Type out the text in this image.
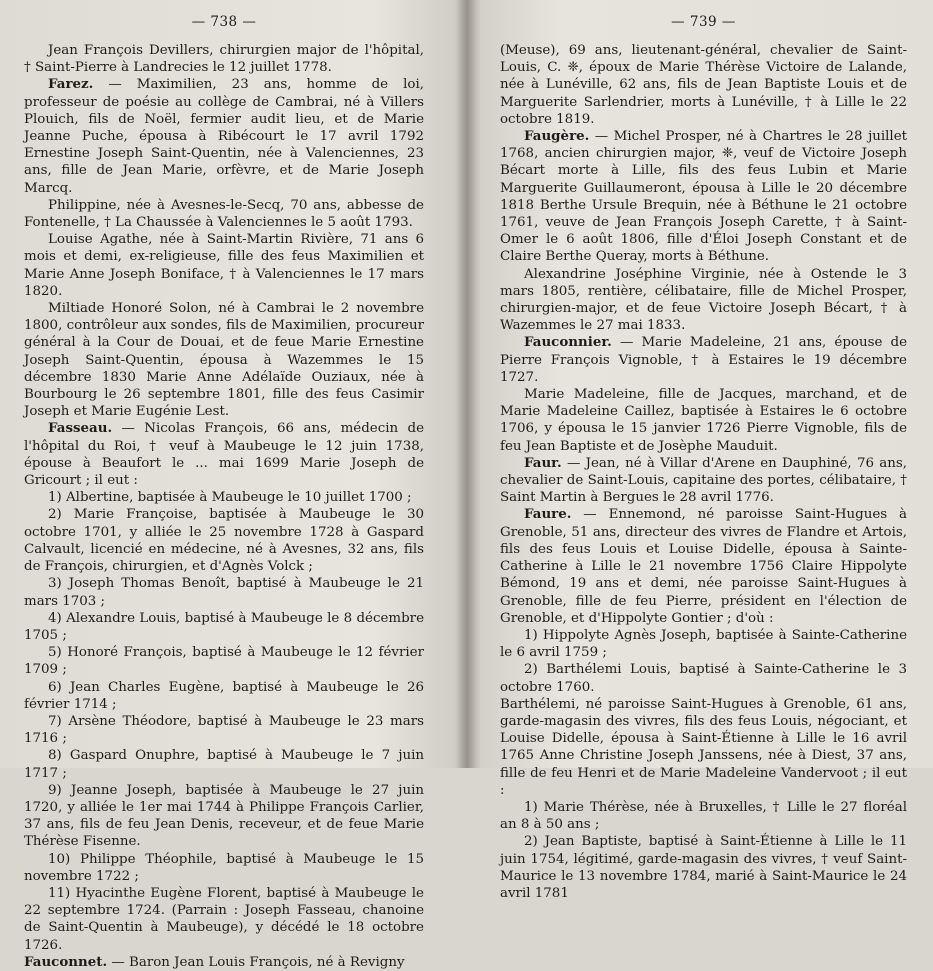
— 738 —

Jean François Devillers, chirurgien major de l'hôpital, † Saint-Pierre à Landrecies le 12 juillet 1778.

Farez. — Maximilien, 23 ans, homme de loi, professeur de poésie au collège de Cambrai, né à Villers Plouich, fils de Noël, fermier audit lieu, et de Marie Jeanne Puche, épousa à Ribécourt le 17 avril 1792 Ernestine Joseph Saint-Quentin, née à Valenciennes, 23 ans, fille de Jean Marie, orfèvre, et de Marie Joseph Marcq.

Philippine, née à Avesnes-le-Secq, 70 ans, abbesse de Fontenelle, † La Chaussée à Valenciennes le 5 août 1793.

Louise Agathe, née à Saint-Martin Rivière, 71 ans 6 mois et demi, ex-religieuse, fille des feus Maximilien et Marie Anne Joseph Boniface, † à Valenciennes le 17 mars 1820.

Miltiade Honoré Solon, né à Cambrai le 2 novembre 1800, contrôleur aux sondes, fils de Maximilien, procureur général à la Cour de Douai, et de feue Marie Ernestine Joseph Saint-Quentin, épousa à Wazemmes le 15 décembre 1830 Marie Anne Adélaïde Ouziaux, née à Bourbourg le 26 septembre 1801, fille des feus Casimir Joseph et Marie Eugénie Lest.

Fasseau. — Nicolas François, 66 ans, médecin de l'hôpital du Roi, † veuf à Maubeuge le 12 juin 1738, épouse à Beaufort le ... mai 1699 Marie Joseph de Gricourt ; il eut :

1) Albertine, baptisée à Maubeuge le 10 juillet 1700 ;

2) Marie Françoise, baptisée à Maubeuge le 30 octobre 1701, y alliée le 25 novembre 1728 à Gaspard Calvault, licencié en médecine, né à Avesnes, 32 ans, fils de François, chirurgien, et d'Agnès Volck ;

3) Joseph Thomas Benoît, baptisé à Maubeuge le 21 mars 1703 ;

4) Alexandre Louis, baptisé à Maubeuge le 8 décembre 1705 ;

5) Honoré François, baptisé à Maubeuge le 12 février 1709 ;

6) Jean Charles Eugène, baptisé à Maubeuge le 26 février 1714 ;

7) Arsène Théodore, baptisé à Maubeuge le 23 mars 1716 ;

8) Gaspard Onuphre, baptisé à Maubeuge le 7 juin 1717 ;

9) Jeanne Joseph, baptisée à Maubeuge le 27 juin 1720, y alliée le 1er mai 1744 à Philippe François Carlier, 37 ans, fils de feu Jean Denis, receveur, et de feue Marie Thérèse Fisenne.

10) Philippe Théophile, baptisé à Maubeuge le 15 novembre 1722 ;

11) Hyacinthe Eugène Florent, baptisé à Maubeuge le 22 septembre 1724. (Parrain : Joseph Fasseau, chanoine de Saint-Quentin à Maubeuge), y décédé le 18 octobre 1726.

Fauconnet. — Baron Jean Louis François, né à Revigny

— 739 —

(Meuse), 69 ans, lieutenant-général, chevalier de Saint-Louis, C. ❈, époux de Marie Thérèse Victoire de Lalande, née à Lunéville, 62 ans, fils de Jean Baptiste Louis et de Marguerite Sarlendrier, morts à Lunéville, † à Lille le 22 octobre 1819.

Faugère. — Michel Prosper, né à Chartres le 28 juillet 1768, ancien chirurgien major, ❈, veuf de Victoire Joseph Bécart morte à Lille, fils des feus Lubin et Marie Marguerite Guillaumeront, épousa à Lille le 20 décembre 1818 Berthe Ursule Brequin, née à Béthune le 21 octobre 1761, veuve de Jean François Joseph Carette, † à Saint-Omer le 6 août 1806, fille d'Éloi Joseph Constant et de Claire Berthe Queray, morts à Béthune.

Alexandrine Joséphine Virginie, née à Ostende le 3 mars 1805, rentière, célibataire, fille de Michel Prosper, chirurgien-major, et de feue Victoire Joseph Bécart, † à Wazemmes le 27 mai 1833.

Fauconnier. — Marie Madeleine, 21 ans, épouse de Pierre François Vignoble, † à Estaires le 19 décembre 1727.

Marie Madeleine, fille de Jacques, marchand, et de Marie Madeleine Caillez, baptisée à Estaires le 6 octobre 1706, y épousa le 15 janvier 1726 Pierre Vignoble, fils de feu Jean Baptiste et de Josèphe Mauduit.

Faur. — Jean, né à Villar d'Arene en Dauphiné, 76 ans, chevalier de Saint-Louis, capitaine des portes, célibataire, † Saint Martin à Bergues le 28 avril 1776.

Faure. — Ennemond, né paroisse Saint-Hugues à Grenoble, 51 ans, directeur des vivres de Flandre et Artois, fils des feus Louis et Louise Didelle, épousa à Sainte-Catherine à Lille le 21 novembre 1756 Claire Hippolyte Bémond, 19 ans et demi, née paroisse Saint-Hugues à Grenoble, fille de feu Pierre, président en l'élection de Grenoble, et d'Hippolyte Gontier ; d'où :

1) Hippolyte Agnès Joseph, baptisée à Sainte-Catherine le 6 avril 1759 ;

2) Barthélemi Louis, baptisé à Sainte-Catherine le 3 octobre 1760.

Barthélemi, né paroisse Saint-Hugues à Grenoble, 61 ans, garde-magasin des vivres, fils des feus Louis, négociant, et Louise Didelle, épousa à Saint-Étienne à Lille le 16 avril 1765 Anne Christine Joseph Janssens, née à Diest, 37 ans, fille de feu Henri et de Marie Madeleine Vandervoot ; il eut :

1) Marie Thérèse, née à Bruxelles, † Lille le 27 floréal an 8 à 50 ans ;

2) Jean Baptiste, baptisé à Saint-Étienne à Lille le 11 juin 1754, légitimé, garde-magasin des vivres, † veuf Saint-Maurice le 13 novembre 1784, marié à Saint-Maurice le 24 avril 1781
